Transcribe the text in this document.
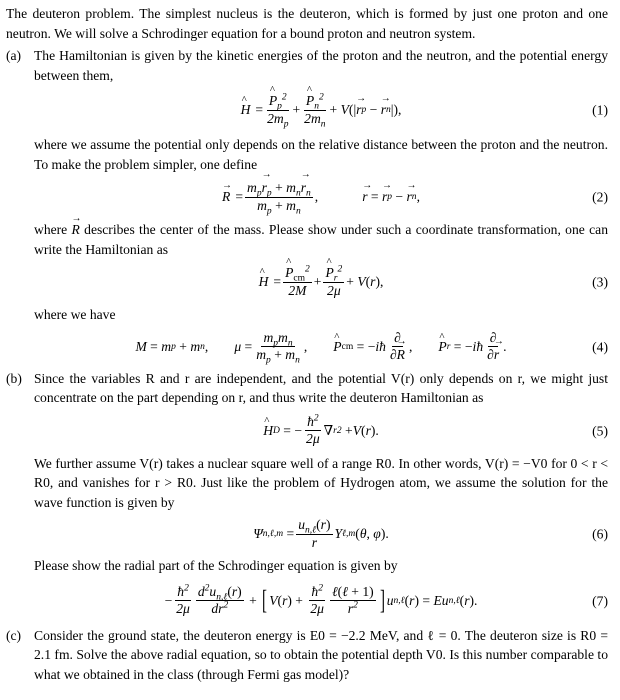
The deuteron problem. The simplest nucleus is the deuteron, which is formed by just one proton and one neutron. We will solve a Schrodinger equation for a bound proton and neutron system.

(a) The Hamiltonian is given by the kinetic energies of the proton and the neutron, and the potential energy between them,

^ H = ^ $\frac{P_p^2}{2m_p}$ + ^ $\frac{P_n^2}{2m_n} + V$ (| → r p − → r n |),	(1)

where we assume the potential only depends on the relative distance between the proton and the neutron. To make the problem simpler, one define

→ $R = \frac{m_p\to r_p + m_n\to r_n}{m_p + m_n}$ ,	→ r = → r p − → r n ,	(2)

where → R describes the center of the mass. Please show under such a coordinate transformation, one can write the Hamiltonian as

^ H = ^ $\frac{P_{cm}^2}{2M}$ + ^ $\frac{P_r^2}{2\mu} + V$ ( r ),	(3)

where we have

M = m p + m n , $\mu = \frac{m_pm_n}{m_p + m_n}$ , ^ P cm = − iħ $\frac{\partial}{\partial\to R}$ , ^ P r = − iħ $\frac{\partial}{\partial\to r}$ .	(4)
(b) Since the variables R and r are independent, and the potential V(r) only depends on r, we might just concentrate on the part depending on r, and thus write the deuteron Hamiltonian as

^ H D = − $\frac{ħ^2}{2\mu}$ ∇ r 2 + V ( r ).	(5)

We further assume V(r) takes a nuclear square well of a range R0. In other words, V(r) = −V0 for 0 < r < R0, and vanishes for r > R0. Just like the problem of Hydrogen atom, we assume the solution for the wave function is given by

Ψ n,ℓ,m = $\frac{u_{n,\ell}(r)}{r}$ Y ℓ,m ( θ , φ ).	(6)

Please show the radial part of the Schrodinger equation is given by

− $\frac{ħ^2}{2\mu} \frac{d^2u_{n,\ell}(r)}{dr^2}$ + [ V ( r ) + $\frac{ħ^2}{2\mu} \frac{\text{ℓ(ℓ + 1)}}{r^2}$ ] u n,ℓ ( r ) = Eu n,ℓ ( r ).	(7)
(c) Consider the ground state, the deuteron energy is E0 = −2.2 MeV, and ℓ = 0. The deuteron size is R0 = 2.1 fm. Solve the above radial equation, so to obtain the potential depth V0. Is this number comparable to what we obtained in the class (through Fermi gas model)?
